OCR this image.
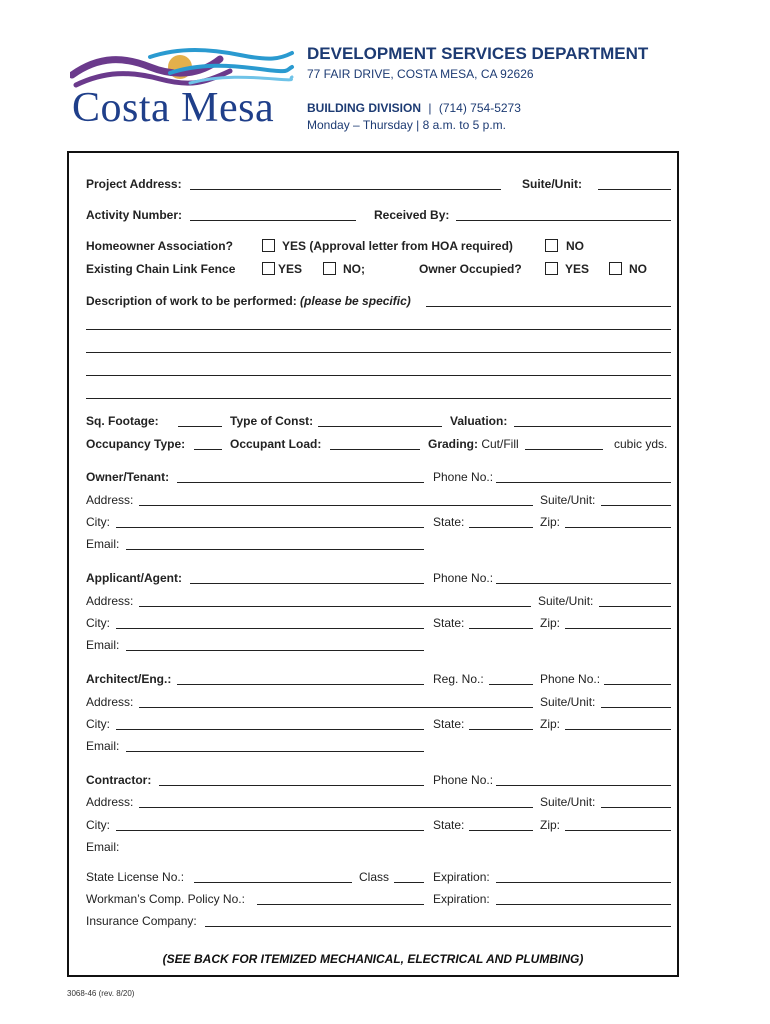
Costa Mesa
DEVELOPMENT SERVICES DEPARTMENT
77 FAIR DRIVE, COSTA MESA, CA 92626
BUILDING DIVISION | (714) 754-5273
Monday – Thursday | 8 a.m. to 5 p.m.
Project Address:	Suite/Unit:
Activity Number:	Received By:
Homeowner Association?	YES (Approval letter from HOA required)	NO
Existing Chain Link Fence	YES	NO;	Owner Occupied?	YES	NO
Description of work to be performed: (please be specific)
Sq. Footage:	Type of Const:	Valuation:
Occupancy Type:	Occupant Load:	Grading: Cut/Fill	cubic yds.
Owner/Tenant:	Phone No.:
Address:	Suite/Unit:
City:	State:	Zip:
Email:
Applicant/Agent:	Phone No.:
Address:	Suite/Unit:
City:	State:	Zip:
Email:
Architect/Eng.:	Reg. No.:	Phone No.:
Address:	Suite/Unit:
City:	State:	Zip:
Email:
Contractor:	Phone No.:
Address:	Suite/Unit:
City:	State:	Zip:
Email:
State License No.:	Class	Expiration:
Workman’s Comp. Policy No.:	Expiration:
Insurance Company:
(SEE BACK FOR ITEMIZED MECHANICAL, ELECTRICAL AND PLUMBING)
3068-46 (rev. 8/20)
